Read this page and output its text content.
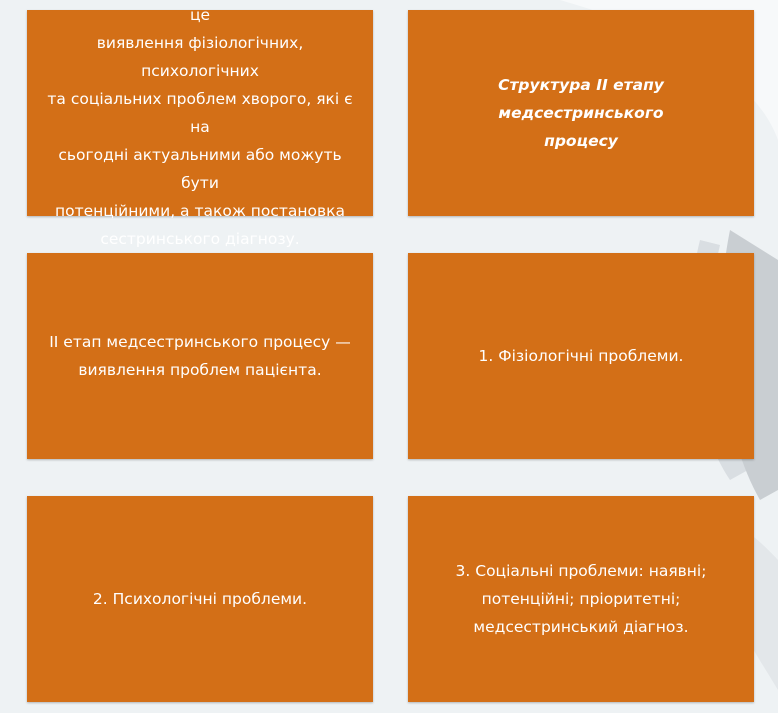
це
виявлення фізіологічних, психологічних
та соціальних проблем хворого, які є на
сьогодні актуальними або можуть бути
потенційними, а також постановка
сестринського діагнозу.

Структура II етапу медсестринського
процесу

II етап медсестринського процесу —
виявлення проблем пацієнта.

1. Фізіологічні проблеми.

2. Психологічні проблеми.

3. Соціальні проблеми: наявні;
потенційні; пріоритетні;
медсестринський діагноз.
